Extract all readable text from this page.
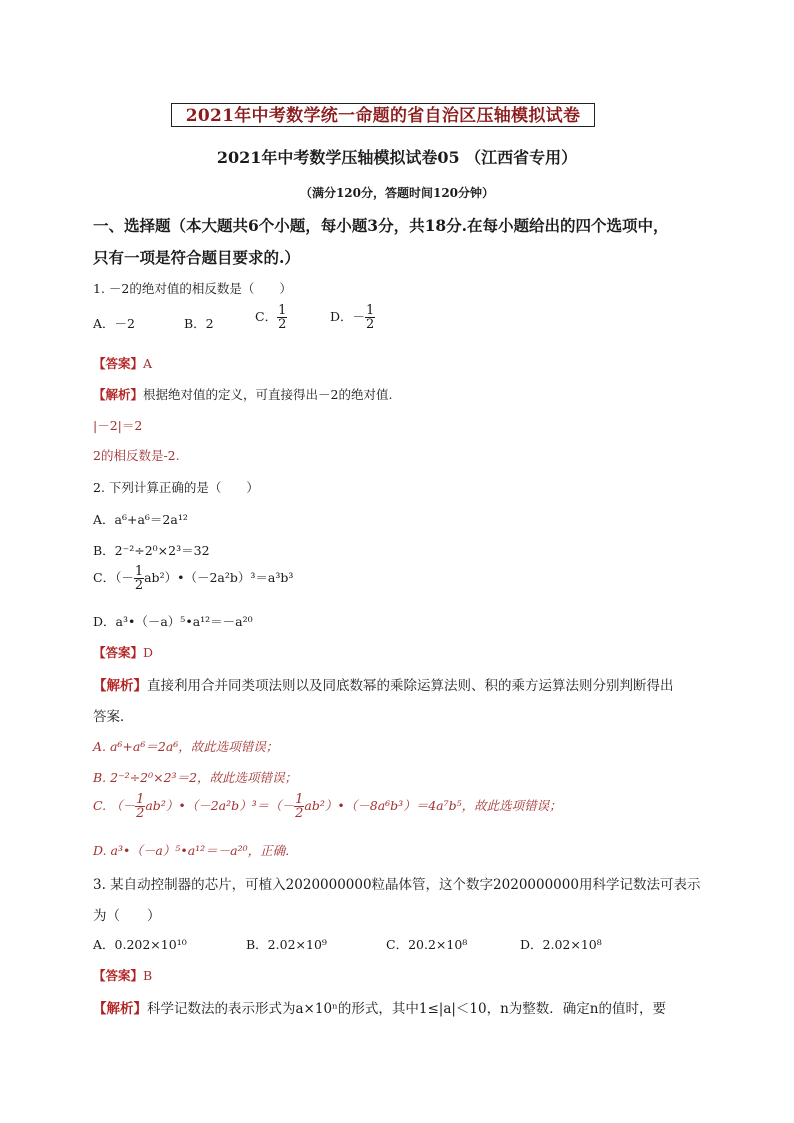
2021年中考数学统一命题的省自治区压轴模拟试卷
2021年中考数学压轴模拟试卷05 （江西省专用）
（满分120分，答题时间120分钟）
一、选择题（本大题共6个小题，每小题3分，共18分.在每小题给出的四个选项中，
只有一项是符合题目要求的.）
1. －2的绝对值的相反数是（　　）
A．－2	B．2	C． $\frac{1}{2}$	D．－ $\frac{1}{2}$
【答案】A
【解析】根据绝对值的定义，可直接得出－2的绝对值.
|－2|＝2
2的相反数是-2.
2. 下列计算正确的是（　　）
A．a⁶+a⁶＝2a¹²
B．2⁻²÷2⁰×2³＝32
C．（－ $\frac{1}{2}$ ab²）•（－2a²b）³＝a³b³
D．a³•（－a）⁵•a¹²＝－a²⁰
【答案】D
【解析】直接利用合并同类项法则以及同底数幂的乘除运算法则、积的乘方运算法则分别判断得出
答案．
A. a⁶+a⁶＝2a⁶，故此选项错误；
B. 2⁻²÷2⁰×2³＝2，故此选项错误；
C. （－ $\frac{1}{2}$ ab²）•（－2a²b）³＝（－ $\frac{1}{2}$ ab²）•（－8a⁶b³）＝4a⁷b⁵，故此选项错误；
D. a³•（－a）⁵•a¹²＝－a²⁰，正确．
3. 某自动控制器的芯片，可植入2020000000粒晶体管，这个数字2020000000用科学记数法可表示
为（　　）
A．0.202×10¹⁰	B．2.02×10⁹	C．20.2×10⁸	D．2.02×10⁸
【答案】B
【解析】科学记数法的表示形式为a×10ⁿ的形式，其中1≤|a|＜10，n为整数．确定n的值时，要
